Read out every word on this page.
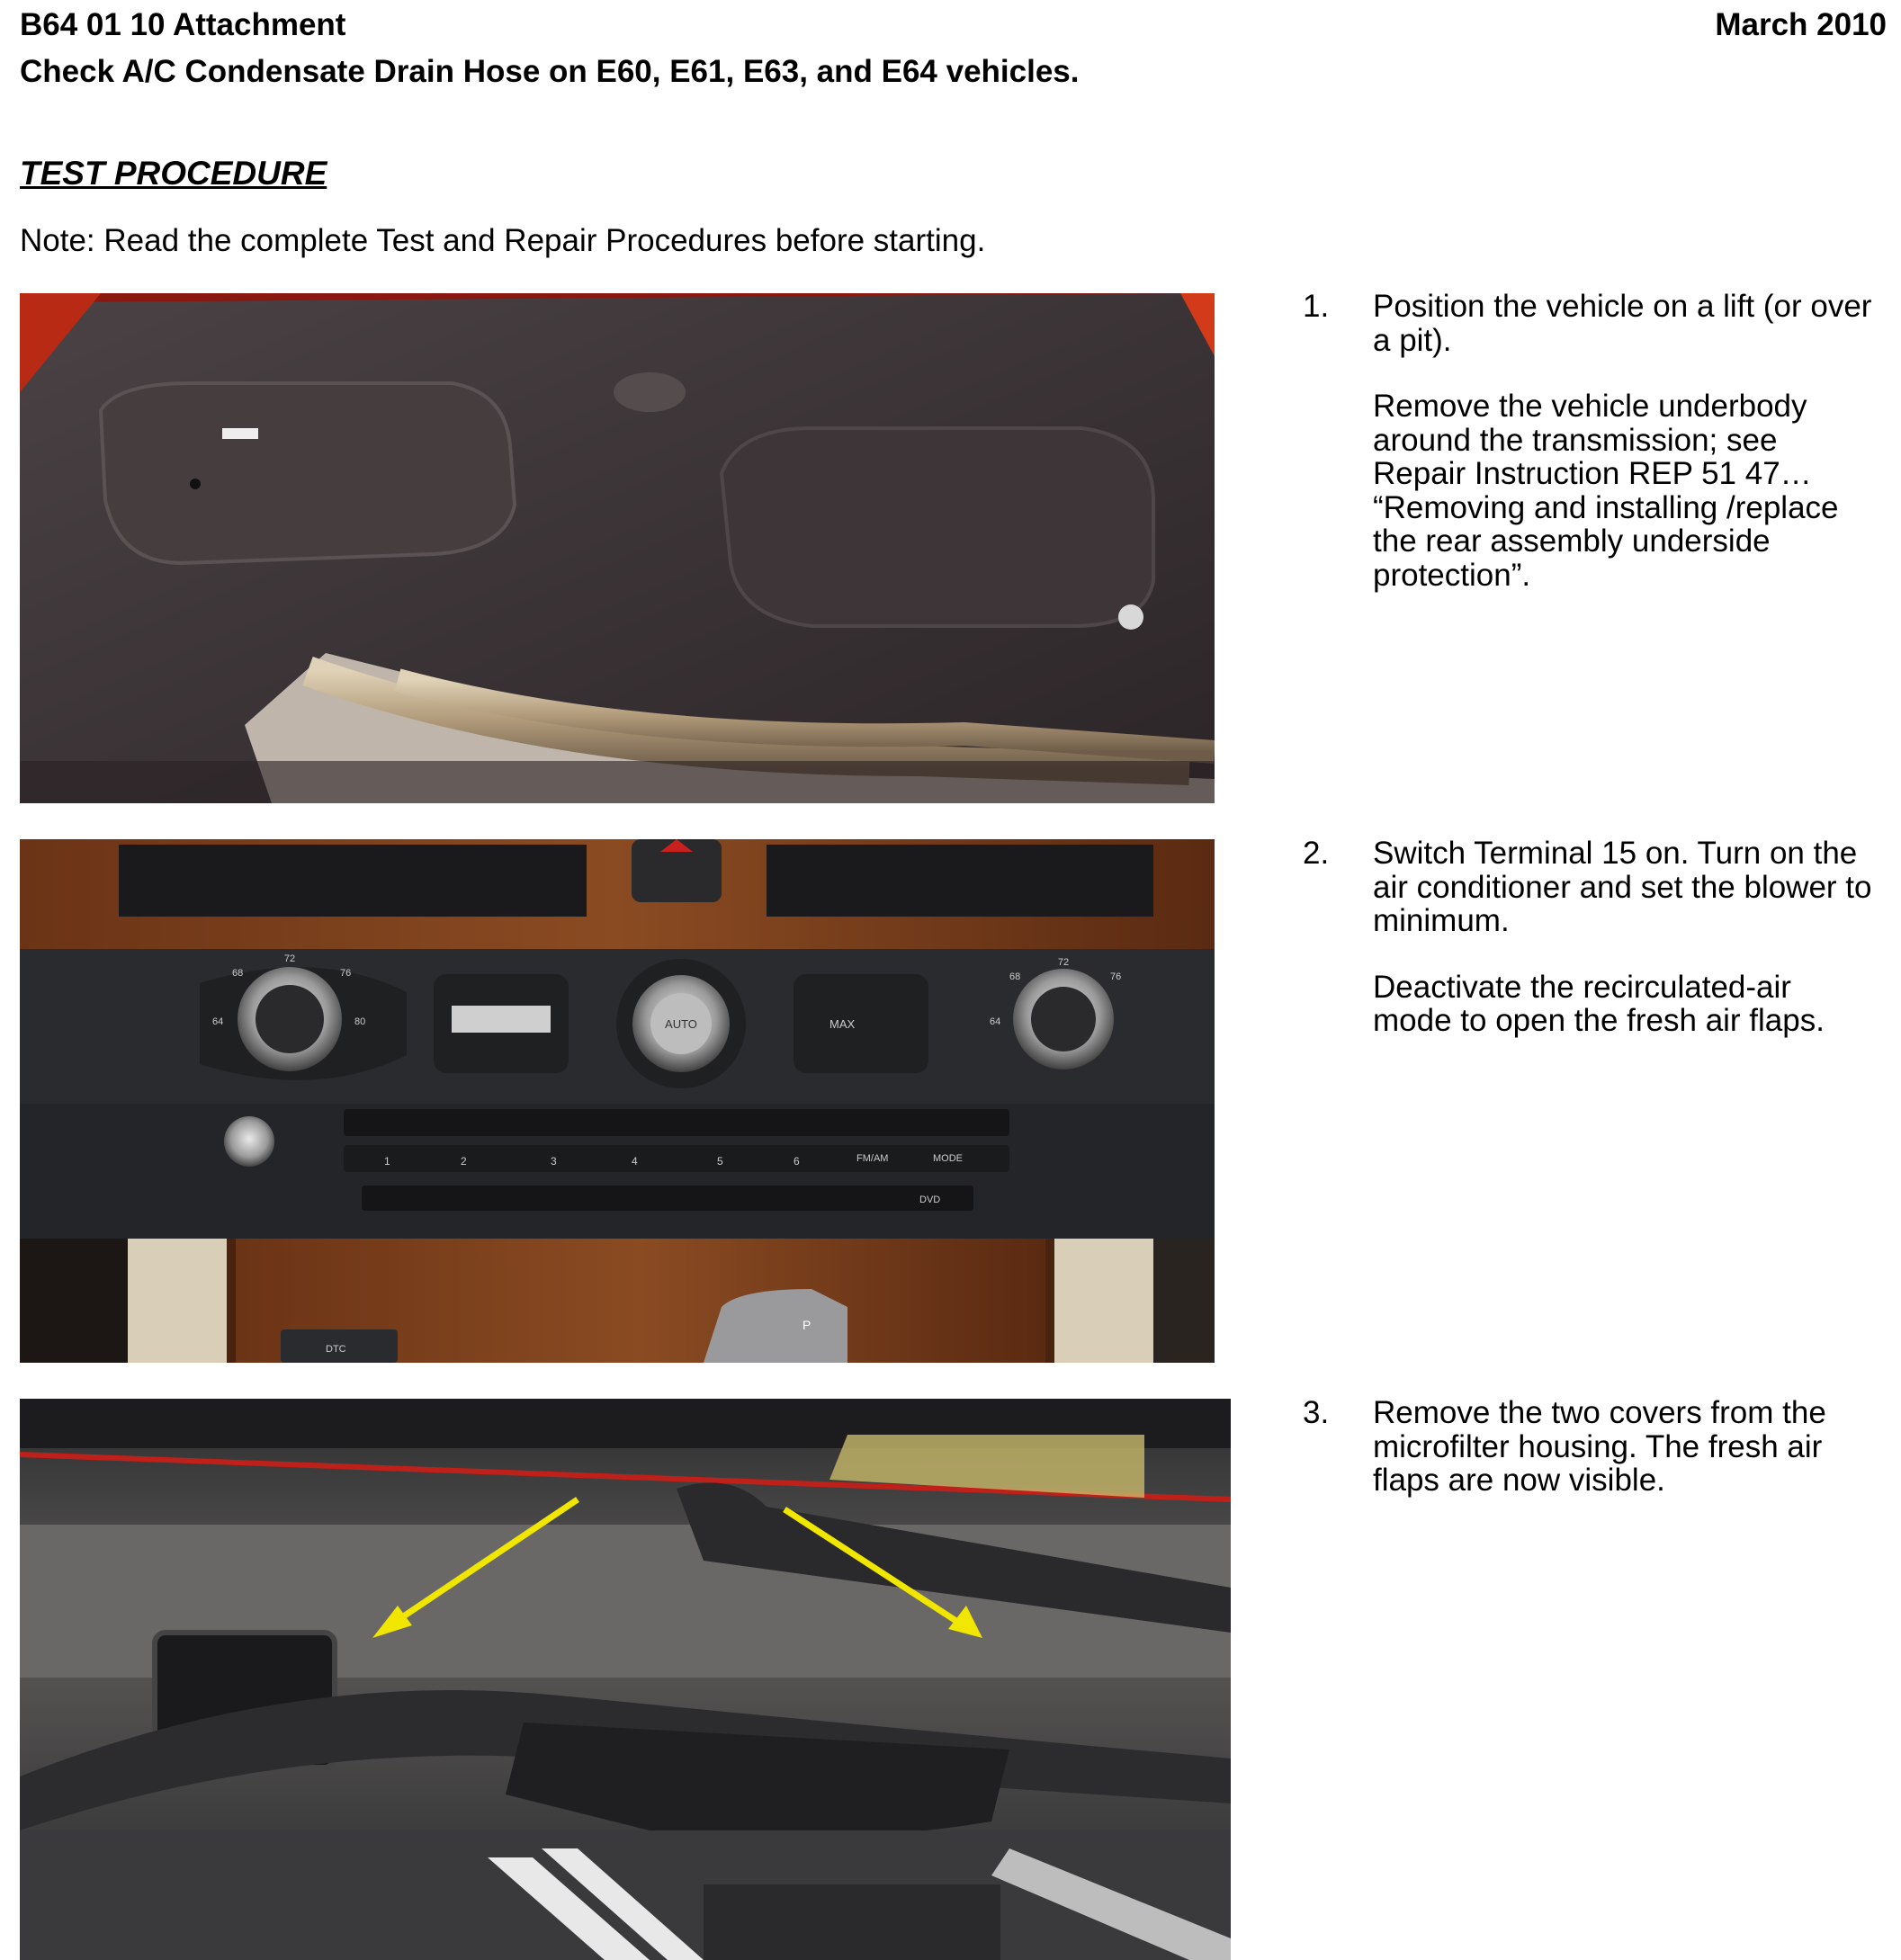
B64 01 10 Attachment	March 2010
Check A/C Condensate Drain Hose on E60, E61, E63, and E64 vehicles.
TEST PROCEDURE
Note: Read the complete Test and Repair Procedures before starting.
72
68	76
64	80	AUTO	MAX
72
68	76
64
1	2	3	4	5	6	FM/AM	MODE
DVD
DTC
P
1. Position the vehicle on a lift (or over a pit).

Remove the vehicle underbody around the transmission; see Repair Instruction REP 51 47… “Removing and installing /replace the rear assembly underside protection”.

2. Switch Terminal 15 on. Turn on the air conditioner and set the blower to minimum.

Deactivate the recirculated-air mode to open the fresh air flaps.

3. Remove the two covers from the microfilter housing. The fresh air flaps are now visible.
